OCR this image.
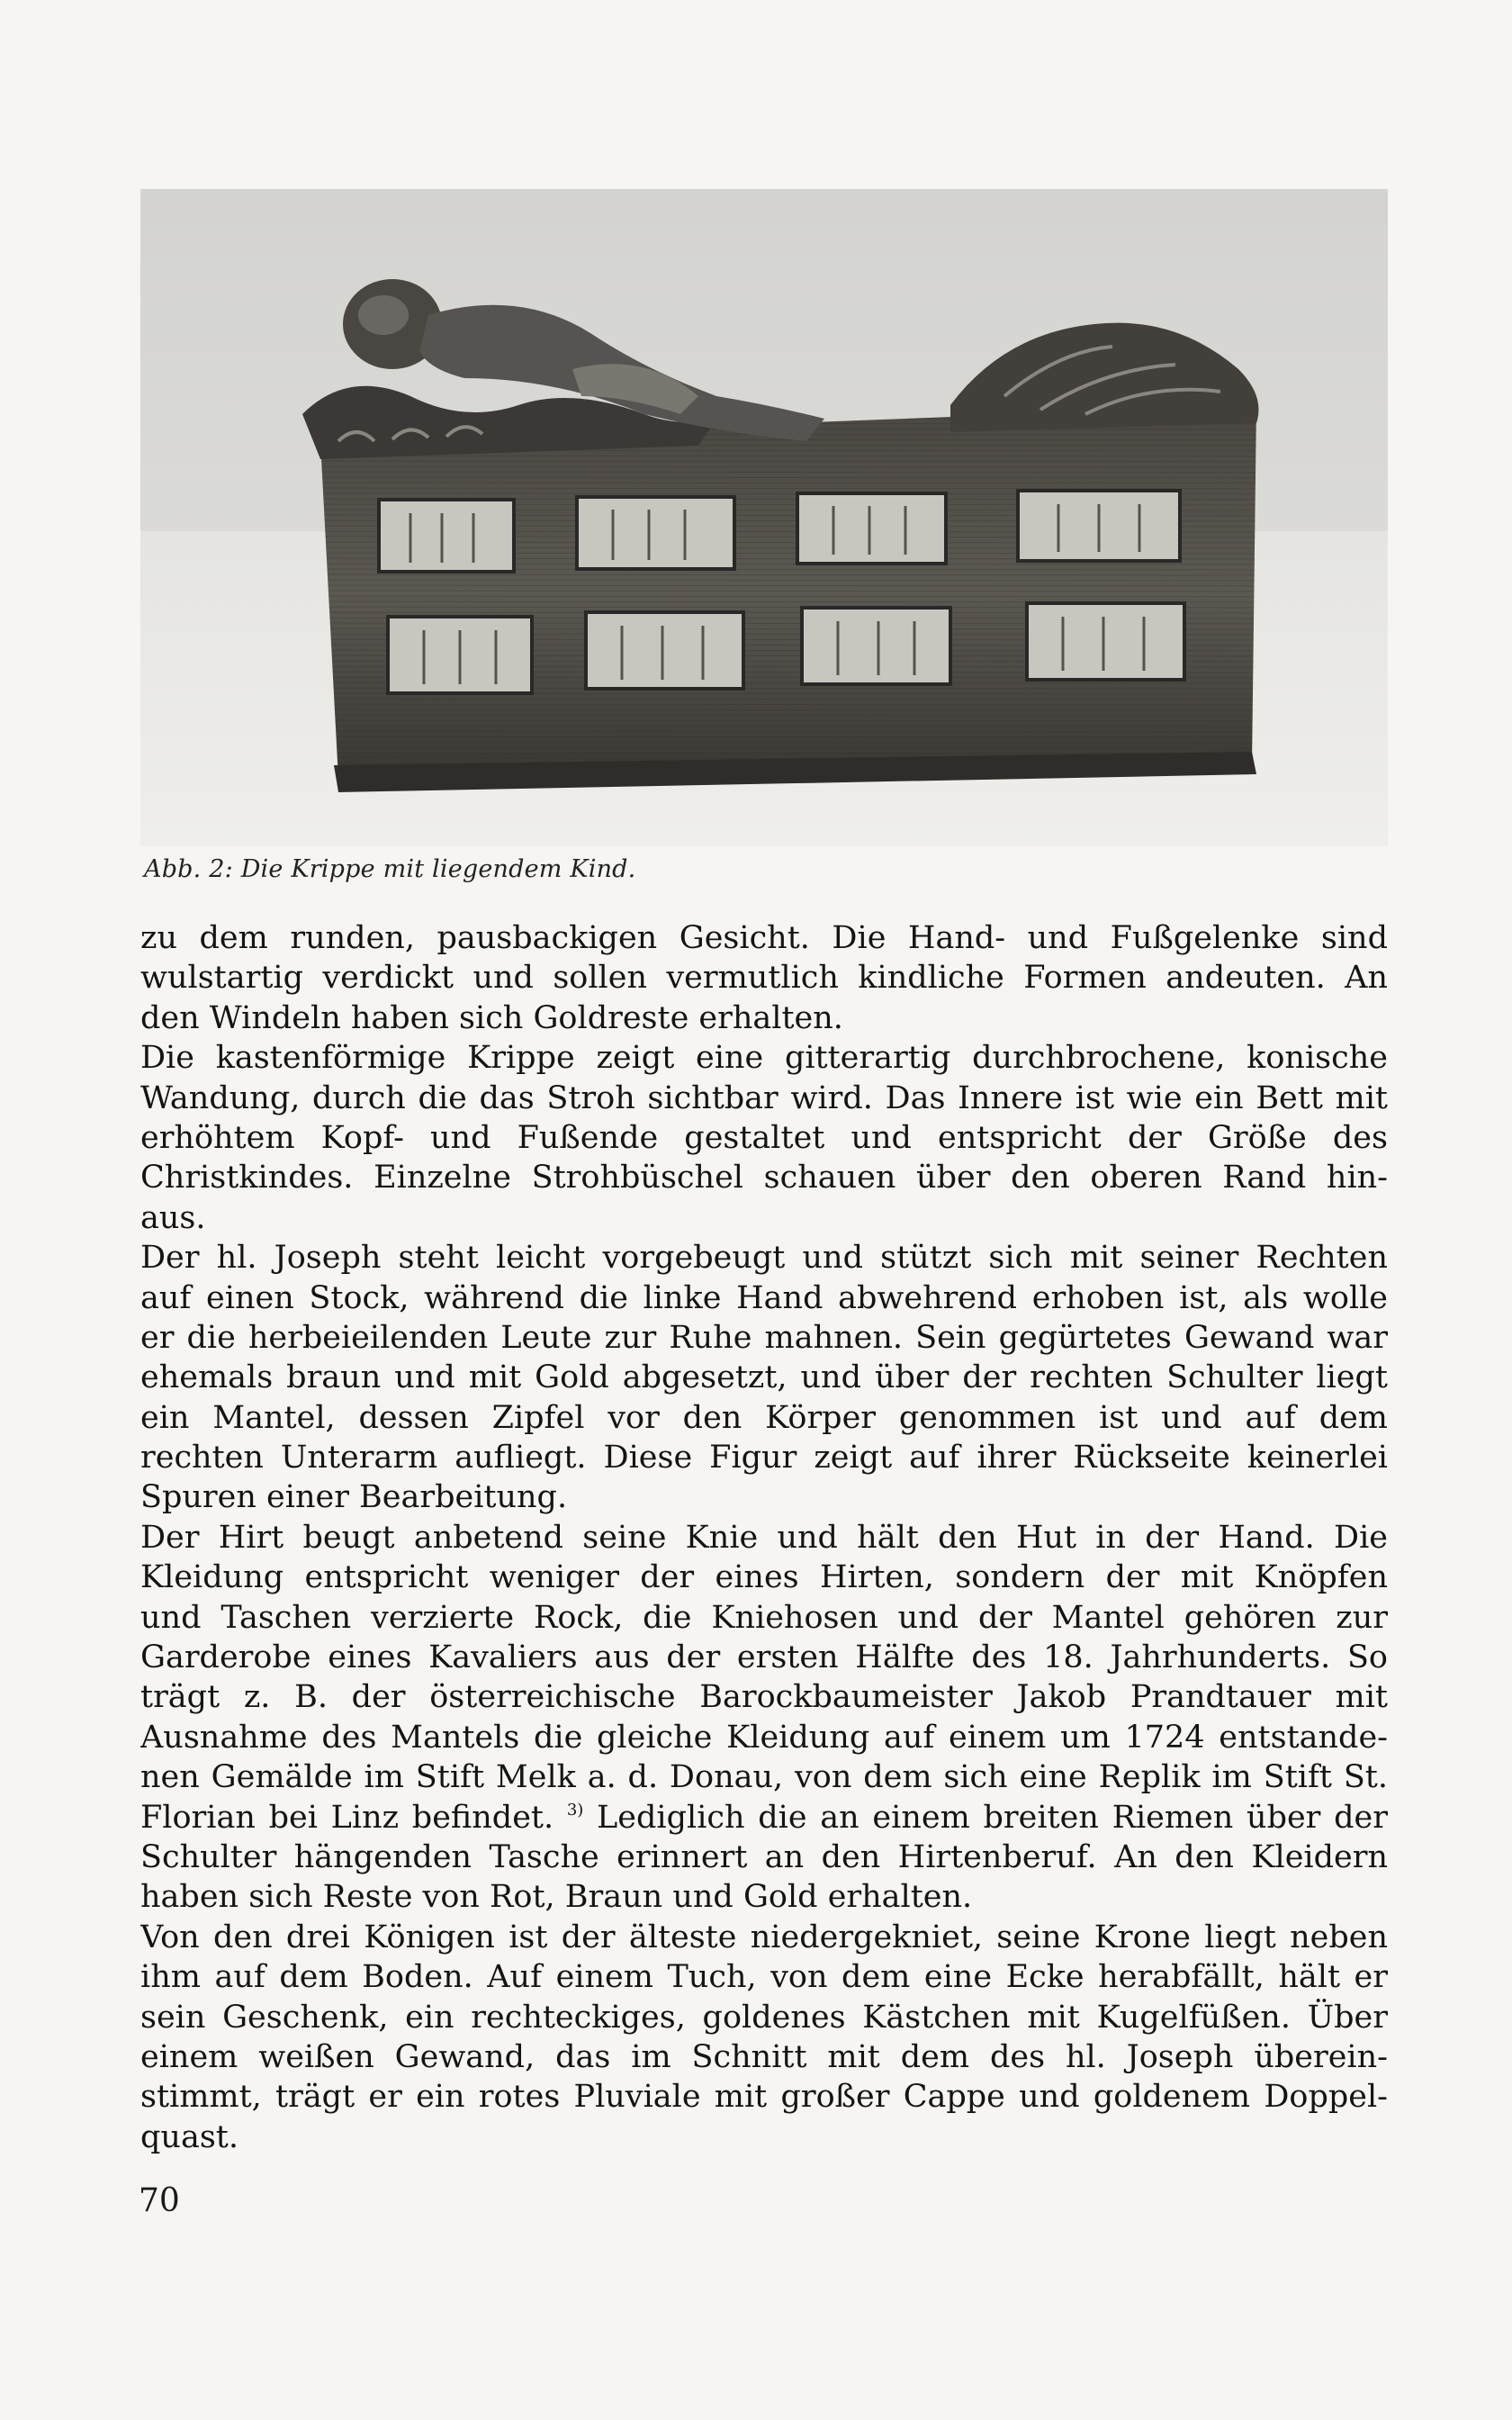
Abb. 2: Die Krippe mit liegendem Kind.
zu dem runden, pausbackigen Gesicht. Die Hand- und Fußgelenke sind
wulstartig verdickt und sollen vermutlich kindliche Formen andeuten. An
den Windeln haben sich Goldreste erhalten.
Die kastenförmige Krippe zeigt eine gitterartig durchbrochene, konische
Wandung, durch die das Stroh sichtbar wird. Das Innere ist wie ein Bett mit
erhöhtem Kopf- und Fußende gestaltet und entspricht der Größe des
Christkindes. Einzelne Strohbüschel schauen über den oberen Rand hin-
aus.
Der hl. Joseph steht leicht vorgebeugt und stützt sich mit seiner Rechten
auf einen Stock, während die linke Hand abwehrend erhoben ist, als wolle
er die herbeieilenden Leute zur Ruhe mahnen. Sein gegürtetes Gewand war
ehemals braun und mit Gold abgesetzt, und über der rechten Schulter liegt
ein Mantel, dessen Zipfel vor den Körper genommen ist und auf dem
rechten Unterarm aufliegt. Diese Figur zeigt auf ihrer Rückseite keinerlei
Spuren einer Bearbeitung.
Der Hirt beugt anbetend seine Knie und hält den Hut in der Hand. Die
Kleidung entspricht weniger der eines Hirten, sondern der mit Knöpfen
und Taschen verzierte Rock, die Kniehosen und der Mantel gehören zur
Garderobe eines Kavaliers aus der ersten Hälfte des 18. Jahrhunderts. So
trägt z. B. der österreichische Barockbaumeister Jakob Prandtauer mit
Ausnahme des Mantels die gleiche Kleidung auf einem um 1724 entstande-
nen Gemälde im Stift Melk a. d. Donau, von dem sich eine Replik im Stift St.
Florian bei Linz befindet. $^{3)}$ Lediglich die an einem breiten Riemen über der
Schulter hängenden Tasche erinnert an den Hirtenberuf. An den Kleidern
haben sich Reste von Rot, Braun und Gold erhalten.
Von den drei Königen ist der älteste niedergekniet, seine Krone liegt neben
ihm auf dem Boden. Auf einem Tuch, von dem eine Ecke herabfällt, hält er
sein Geschenk, ein rechteckiges, goldenes Kästchen mit Kugelfüßen. Über
einem weißen Gewand, das im Schnitt mit dem des hl. Joseph überein-
stimmt, trägt er ein rotes Pluviale mit großer Cappe und goldenem Doppel-
quast.
70
